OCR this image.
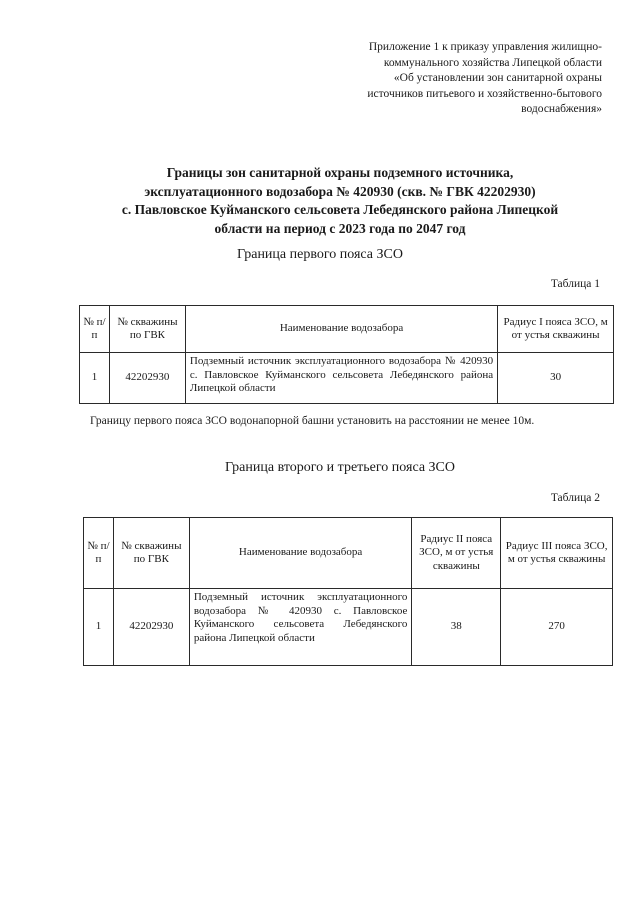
Приложение 1 к приказу управления жилищно-
коммунального хозяйства Липецкой области
«Об установлении зон санитарной охраны
источников питьевого и хозяйственно-бытового
водоснабжения»
Границы зон санитарной охраны подземного источника,
эксплуатационного водозабора № 420930 (скв. № ГВК 42202930)
с. Павловское Куйманского сельсовета Лебедянского района Липецкой
области на период с 2023 года по 2047 год
Граница первого пояса ЗСО
Таблица 1
№ п/п	№ скважины по ГВК	Наименование водозабора	Радиус I пояса ЗСО, м от устья скважины
1	42202930	Подземный источник эксплуатационного водозабора № 420930 с. Павловское Куйманского сельсовета Лебедянского района Липецкой области	30
Границу первого пояса ЗСО водонапорной башни установить на расстоянии не менее 10м.
Граница второго и третьего пояса ЗСО
Таблица 2
№ п/п	№ скважины по ГВК	Наименование водозабора	Радиус II пояса ЗСО, м от устья скважины	Радиус III пояса ЗСО, м от устья скважины
1	42202930	Подземный источник эксплуатационного водозабора № 420930 с. Павловское Куйманского сельсовета Лебедянского района Липецкой области	38	270
